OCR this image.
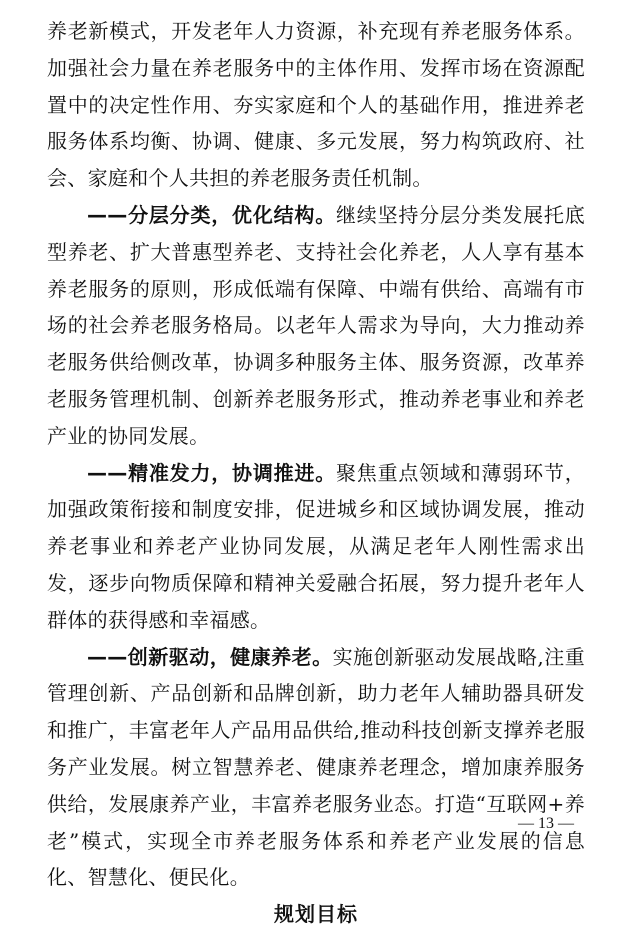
养老新模式，开发老年人力资源，补充现有养老服务体系。加强社会力量在养老服务中的主体作用、发挥市场在资源配置中的决定性作用、夯实家庭和个人的基础作用，推进养老服务体系均衡、协调、健康、多元发展，努力构筑政府、社会、家庭和个人共担的养老服务责任机制。

——分层分类，优化结构。继续坚持分层分类发展托底型养老、扩大普惠型养老、支持社会化养老，人人享有基本养老服务的原则，形成低端有保障、中端有供给、高端有市场的社会养老服务格局。以老年人需求为导向，大力推动养老服务供给侧改革，协调多种服务主体、服务资源，改革养老服务管理机制、创新养老服务形式，推动养老事业和养老产业的协同发展。

——精准发力，协调推进。聚焦重点领域和薄弱环节，加强政策衔接和制度安排，促进城乡和区域协调发展，推动养老事业和养老产业协同发展，从满足老年人刚性需求出发，逐步向物质保障和精神关爱融合拓展，努力提升老年人群体的获得感和幸福感。

——创新驱动，健康养老。实施创新驱动发展战略,注重管理创新、产品创新和品牌创新，助力老年人辅助器具研发和推广，丰富老年人产品用品供给,推动科技创新支撑养老服务产业发展。树立智慧养老、健康养老理念，增加康养服务供给，发展康养产业，丰富养老服务业态。打造“互联网+养老”模式，实现全市养老服务体系和养老产业发展的信息化、智慧化、便民化。

规划目标

— 13 —
